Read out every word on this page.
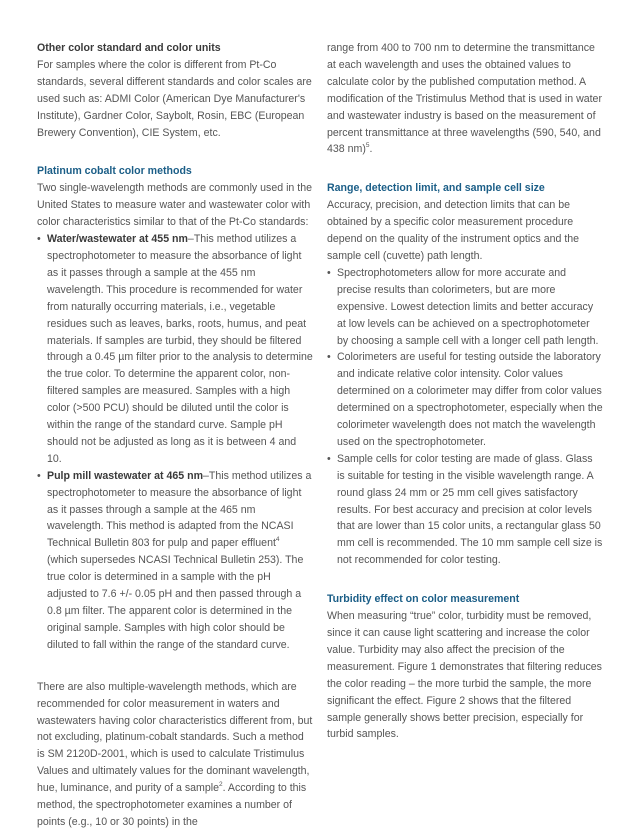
Other color standard and color units

For samples where the color is different from Pt-Co standards, several different standards and color scales are used such as: ADMI Color (American Dye Manufacturer's Institute), Gardner Color, Saybolt, Rosin, EBC (European Brewery Convention), CIE System, etc.

Platinum cobalt color methods

Two single-wavelength methods are commonly used in the United States to measure water and wastewater color with color characteristics similar to that of the Pt-Co standards:

• Water/wastewater at 455 nm–This method utilizes a spectrophotometer to measure the absorbance of light as it passes through a sample at the 455 nm wavelength. This procedure is recommended for water from naturally occurring materials, i.e., vegetable residues such as leaves, barks, roots, humus, and peat materials. If samples are turbid, they should be filtered through a 0.45 µm filter prior to the analysis to determine the true color. To determine the apparent color, non-filtered samples are measured. Samples with a high color (>500 PCU) should be diluted until the color is within the range of the standard curve. Sample pH should not be adjusted as long as it is between 4 and 10.
• Pulp mill wastewater at 465 nm–This method utilizes a spectrophotometer to measure the absorbance of light as it passes through a sample at the 465 nm wavelength. This method is adapted from the NCASI Technical Bulletin 803 for pulp and paper effluent$^4$ (which supersedes NCASI Technical Bulletin 253). The true color is determined in a sample with the pH adjusted to 7.6 +/- 0.05 pH and then passed through a 0.8 µm filter. The apparent color is determined in the original sample. Samples with high color should be diluted to fall within the range of the standard curve.

There are also multiple-wavelength methods, which are recommended for color measurement in waters and wastewaters having color characteristics different from, but not excluding, platinum-cobalt standards. Such a method is SM 2120D-2001, which is used to calculate Tristimulus Values and ultimately values for the dominant wavelength, hue, luminance, and purity of a sample$^2$. According to this method, the spectrophotometer examines a number of points (e.g., 10 or 30 points) in the

range from 400 to 700 nm to determine the transmittance at each wavelength and uses the obtained values to calculate color by the published computation method. A modification of the Tristimulus Method that is used in water and wastewater industry is based on the measurement of percent transmittance at three wavelengths (590, 540, and 438 nm)$^5$.

Range, detection limit, and sample cell size

Accuracy, precision, and detection limits that can be obtained by a specific color measurement procedure depend on the quality of the instrument optics and the sample cell (cuvette) path length.

• Spectrophotometers allow for more accurate and precise results than colorimeters, but are more expensive. Lowest detection limits and better accuracy at low levels can be achieved on a spectrophotometer by choosing a sample cell with a longer cell path length.
• Colorimeters are useful for testing outside the laboratory and indicate relative color intensity. Color values determined on a colorimeter may differ from color values determined on a spectrophotometer, especially when the colorimeter wavelength does not match the wavelength used on the spectrophotometer.
• Sample cells for color testing are made of glass. Glass is suitable for testing in the visible wavelength range. A round glass 24 mm or 25 mm cell gives satisfactory results. For best accuracy and precision at color levels that are lower than 15 color units, a rectangular glass 50 mm cell is recommended. The 10 mm sample cell size is not recommended for color testing.

Turbidity effect on color measurement

When measuring “true” color, turbidity must be removed, since it can cause light scattering and increase the color value. Turbidity may also affect the precision of the measurement. Figure 1 demonstrates that filtering reduces the color reading – the more turbid the sample, the more significant the effect. Figure 2 shows that the filtered sample generally shows better precision, especially for turbid samples.
